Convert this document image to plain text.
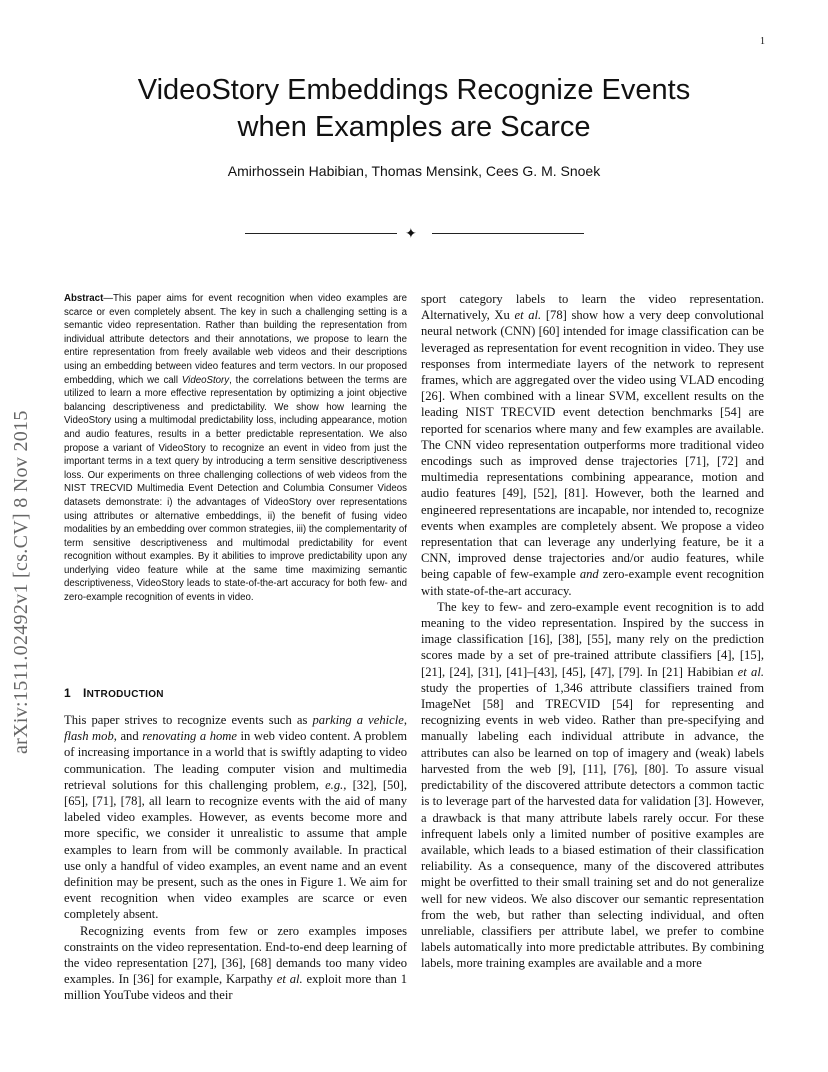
1
VideoStory Embeddings Recognize Events
when Examples are Scarce
Amirhossein Habibian, Thomas Mensink, Cees G. M. Snoek
✦
arXiv:1511.02492v1 [cs.CV] 8 Nov 2015

Abstract—This paper aims for event recognition when video examples are scarce or even completely absent. The key in such a challenging setting is a semantic video representation. Rather than building the representation from individual attribute detectors and their annotations, we propose to learn the entire representation from freely available web videos and their descriptions using an embedding between video features and term vectors. In our proposed embedding, which we call VideoStory, the correlations between the terms are utilized to learn a more effective representation by optimizing a joint objective balancing descriptiveness and predictability. We show how learning the VideoStory using a multimodal predictability loss, including appearance, motion and audio features, results in a better predictable representation. We also propose a variant of VideoStory to recognize an event in video from just the important terms in a text query by introducing a term sensitive descriptiveness loss. Our experiments on three challenging collections of web videos from the NIST TRECVID Multimedia Event Detection and Columbia Consumer Videos datasets demonstrate: i) the advantages of VideoStory over representations using attributes or alternative embeddings, ii) the benefit of fusing video modalities by an embedding over common strategies, iii) the complementarity of term sensitive descriptiveness and multimodal predictability for event recognition without examples. By it abilities to improve predictability upon any underlying video feature while at the same time maximizing semantic descriptiveness, VideoStory leads to state-of-the-art accuracy for both few- and zero-example recognition of events in video.

1 INTRODUCTION

This paper strives to recognize events such as parking a vehicle, flash mob, and renovating a home in web video content. A problem of increasing importance in a world that is swiftly adapting to video communication. The leading computer vision and multimedia retrieval solutions for this challenging problem, e.g., [32], [50], [65], [71], [78], all learn to recognize events with the aid of many labeled video examples. However, as events become more and more specific, we consider it unrealistic to assume that ample examples to learn from will be commonly available. In practical use only a handful of video examples, an event name and an event definition may be present, such as the ones in Figure 1. We aim for event recognition when video examples are scarce or even completely absent.

Recognizing events from few or zero examples imposes constraints on the video representation. End-to-end deep learning of the video representation [27], [36], [68] demands too many video examples. In [36] for example, Karpathy et al. exploit more than 1 million YouTube videos and their

sport category labels to learn the video representation. Alternatively, Xu et al. [78] show how a very deep convolutional neural network (CNN) [60] intended for image classification can be leveraged as representation for event recognition in video. They use responses from intermediate layers of the network to represent frames, which are aggregated over the video using VLAD encoding [26]. When combined with a linear SVM, excellent results on the leading NIST TRECVID event detection benchmarks [54] are reported for scenarios where many and few examples are available. The CNN video representation outperforms more traditional video encodings such as improved dense trajectories [71], [72] and multimedia representations combining appearance, motion and audio features [49], [52], [81]. However, both the learned and engineered representations are incapable, nor intended to, recognize events when examples are completely absent. We propose a video representation that can leverage any underlying feature, be it a CNN, improved dense trajectories and/or audio features, while being capable of few-example and zero-example event recognition with state-of-the-art accuracy.

The key to few- and zero-example event recognition is to add meaning to the video representation. Inspired by the success in image classification [16], [38], [55], many rely on the prediction scores made by a set of pre-trained attribute classifiers [4], [15], [21], [24], [31], [41]–[43], [45], [47], [79]. In [21] Habibian et al. study the properties of 1,346 attribute classifiers trained from ImageNet [58] and TRECVID [54] for representing and recognizing events in web video. Rather than pre-specifying and manually labeling each individual attribute in advance, the attributes can also be learned on top of imagery and (weak) labels harvested from the web [9], [11], [76], [80]. To assure visual predictability of the discovered attribute detectors a common tactic is to leverage part of the harvested data for validation [3]. However, a drawback is that many attribute labels rarely occur. For these infrequent labels only a limited number of positive examples are available, which leads to a biased estimation of their classification reliability. As a consequence, many of the discovered attributes might be overfitted to their small training set and do not generalize well for new videos. We also discover our semantic representation from the web, but rather than selecting individual, and often unreliable, classifiers per attribute label, we prefer to combine labels automatically into more predictable attributes. By combining labels, more training examples are available and a more
